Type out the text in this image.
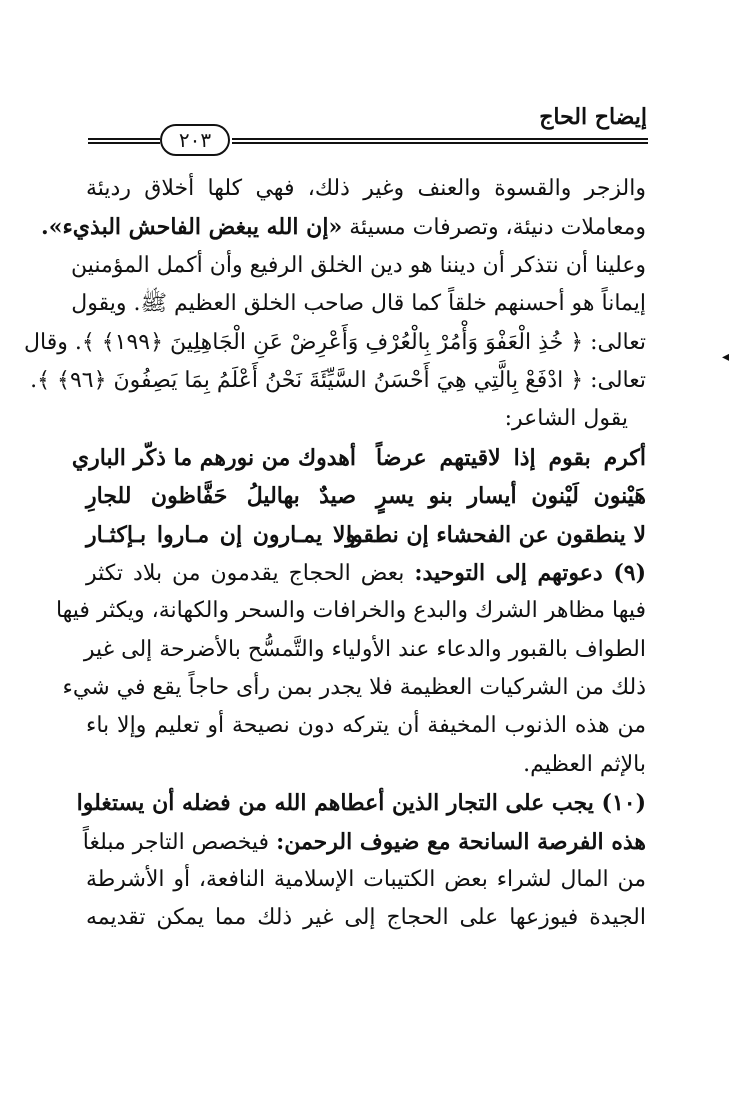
إيضاح الحاج
٢٠٣
◂
والزجر والقسوة والعنف وغير ذلك، فهي كلها أخلاق رديئة
ومعاملات دنيئة، وتصرفات مسيئة «إن الله يبغض الفاحش البذيء».
وعلينا أن نتذكر أن ديننا هو دين الخلق الرفيع وأن أكمل المؤمنين
إيماناً هو أحسنهم خلقاً كما قال صاحب الخلق العظيم ﷺ. ويقول
تعالى: ﴿ خُذِ الْعَفْوَ وَأْمُرْ بِالْعُرْفِ وَأَعْرِضْ عَنِ الْجَاهِلِينَ ﴿١٩٩﴾ ﴾. وقال
تعالى: ﴿ ادْفَعْ بِالَّتِي هِيَ أَحْسَنُ السَّيِّئَةَ نَحْنُ أَعْلَمُ بِمَا يَصِفُونَ ﴿٩٦﴾ ﴾.
يقول الشاعر:
أكرم بقوم إذا لاقيتهم عرضاً
أهدوك من نورهم ما ذكّر الباري
هَيْنون لَيْنون أيسار بنو يسرٍ
صيدٌ بهاليلُ حَفَّاظون للجارِ
لا ينطقون عن الفحشاء إن نطقوا
ولا يمـارون إن مـاروا بـإكثـار
(٩) دعوتهم إلى التوحيد: بعض الحجاج يقدمون من بلاد تكثر
فيها مظاهر الشرك والبدع والخرافات والسحر والكهانة، ويكثر فيها
الطواف بالقبور والدعاء عند الأولياء والتَّمسُّح بالأضرحة إلى غير
ذلك من الشركيات العظيمة فلا يجدر بمن رأى حاجاً يقع في شيء
من هذه الذنوب المخيفة أن يتركه دون نصيحة أو تعليم وإلا باء
بالإثم العظيم.
(١٠) يجب على التجار الذين أعطاهم الله من فضله أن يستغلوا
هذه الفرصة السانحة مع ضيوف الرحمن: فيخصص التاجر مبلغاً
من المال لشراء بعض الكتيبات الإسلامية النافعة، أو الأشرطة
الجيدة فيوزعها على الحجاج إلى غير ذلك مما يمكن تقديمه
